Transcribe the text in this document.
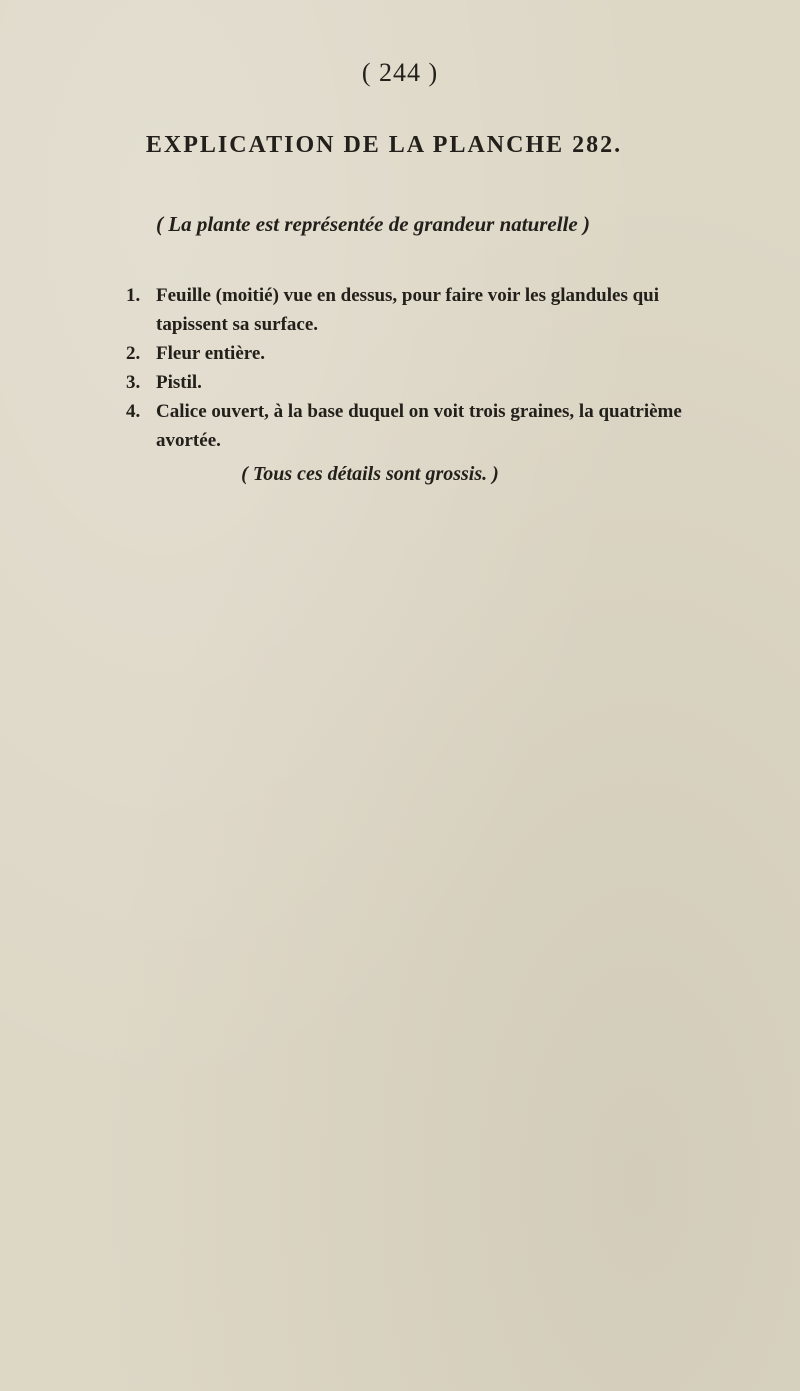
( 244 )
EXPLICATION DE LA PLANCHE 282.
( La plante est représentée de grandeur naturelle )
1. Feuille (moitié) vue en dessus, pour faire voir les glandules qui tapissent sa surface.
2. Fleur entière.
3. Pistil.
4. Calice ouvert, à la base duquel on voit trois graines, la quatrième avortée.
( Tous ces détails sont grossis. )
